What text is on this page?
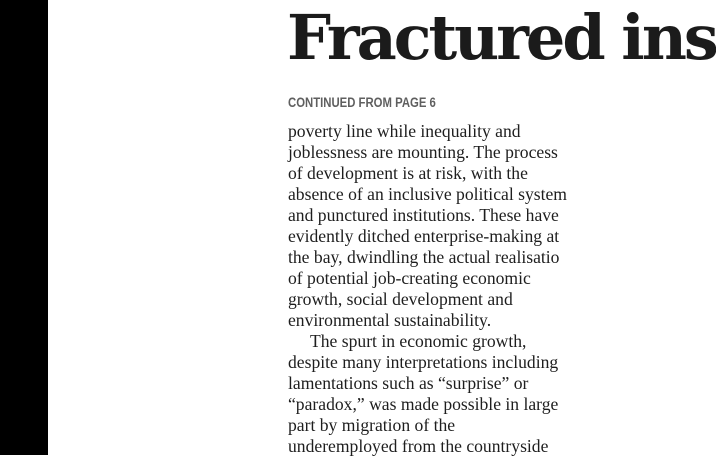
Fractured ins
CONTINUED FROM PAGE 6
poverty line while inequality and
joblessness are mounting. The process
of development is at risk, with the
absence of an inclusive political system
and punctured institutions. These have
evidently ditched enterprise-making at
the bay, dwindling the actual realisatio
of potential job-creating economic
growth, social development and
environmental sustainability.
The spurt in economic growth,
despite many interpretations including
lamentations such as “surprise” or
“paradox,” was made possible in large
part by migration of the
underemployed from the countryside
